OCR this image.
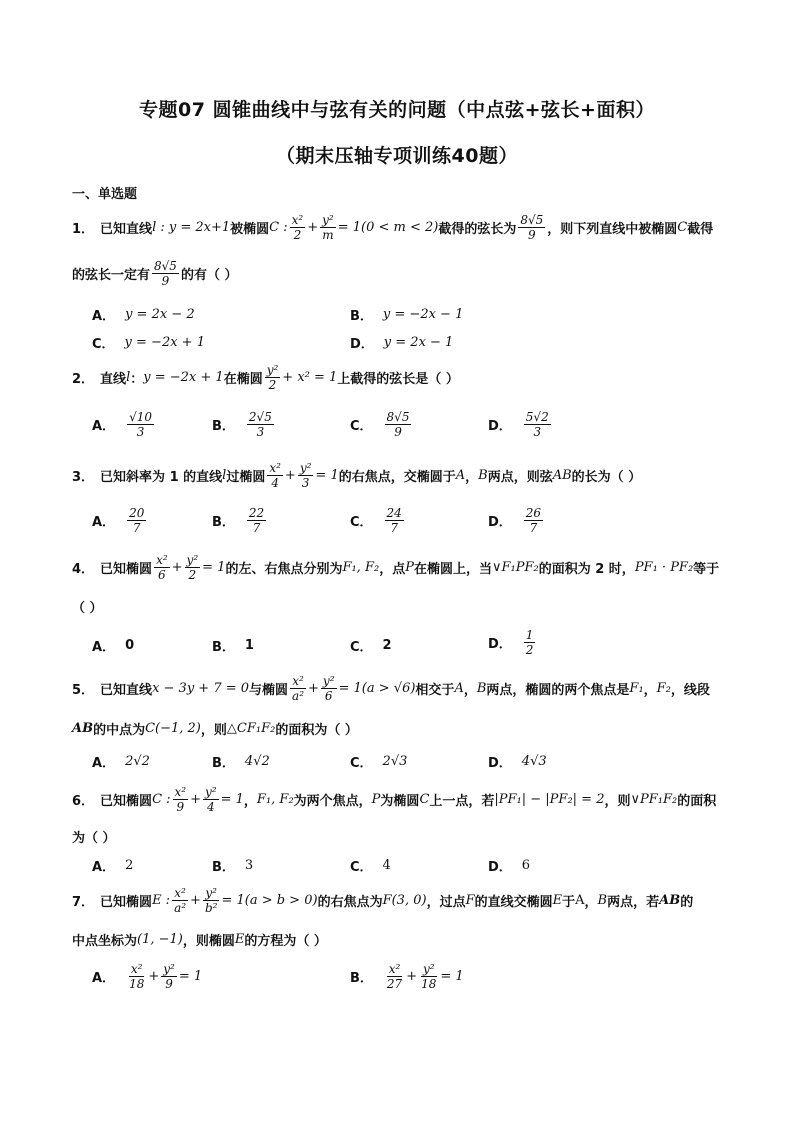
专题07 圆锥曲线中与弦有关的问题（中点弦+弦长+面积）
（期末压轴专项训练40题）
一、单选题
1． 已知直线 l : y = 2x+1 被椭圆 C : $\frac{\text{x²}}{2} + \frac{\text{y²}}{m} = 1(0 < m < 2)$ 截得的弦长为 $\frac{8√5}{9}$ ，则下列直线中被椭圆 C 截得
的弦长一定有 $\frac{8√5}{9}$ 的有（ ）
A． y = 2x − 2	B． y = −2x − 1
C． y = −2x + 1	D． y = 2x − 1
2． 直线 l ： y = −2x + 1 在椭圆 $\frac{\text{y²}}{2} + x^2 = 1$ 上截得的弦长是（ ）
A． $\frac{√10}{3}$	B． $\frac{2√5}{3}$	C． $\frac{8√5}{9}$	D． $\frac{5√2}{3}$
3． 已知斜率为 1 的直线 l 过椭圆 $\frac{\text{x²}}{4} + \frac{\text{y²}}{3} = 1$ 的右焦点，交椭圆于 A ， B 两点，则弦 AB 的长为（ ）
A． $\frac{20}{7}$	B． $\frac{22}{7}$	C． $\frac{24}{7}$	D． $\frac{26}{7}$
4． 已知椭圆 $\frac{\text{x²}}{6} + \frac{\text{y²}}{2} = 1$ 的左、右焦点分别为 F₁, F₂ ，点 P 在椭圆上，当 ∨F₁PF₂ 的面积为 2 时， PF₁ · PF₂ 等于
（ ）
A． 0	B． 1	C． 2	D． $\frac{1}{2}$
5． 已知直线 x − 3y + 7 = 0 与椭圆 $\frac{\text{x²}}{\text{a²}} + \frac{\text{y²}}{6} = 1(a > √6)$ 相交于 A ， B 两点，椭圆的两个焦点是 F₁ ， F₂ ，线段
AB 的中点为 C(−1, 2) ，则 △CF₁F₂ 的面积为（ ）
A． 2√2	B． 4√2	C． 2√3	D． 4√3
6． 已知椭圆 C : $\frac{\text{x²}}{9} + \frac{\text{y²}}{4} = 1$ ， F₁, F₂ 为两个焦点， P 为椭圆 C 上一点，若 |PF₁| − |PF₂| = 2 ，则 ∨PF₁F₂ 的面积
为（ ）
A． 2	B． 3	C． 4	D． 6
7． 已知椭圆 E : $\frac{\text{x²}}{\text{a²}} + \frac{\text{y²}}{\text{b²}} = 1(a > b > 0)$ 的右焦点为 F(3, 0) ，过点 F 的直线交椭圆 E 于 A ， B 两点，若 AB 的
中点坐标为 (1, −1) ，则椭圆 E 的方程为（ ）
A． $\frac{\text{x²}}{18} + \frac{\text{y²}}{9} = 1$	B． $\frac{\text{x²}}{27} + \frac{\text{y²}}{18} = 1$
